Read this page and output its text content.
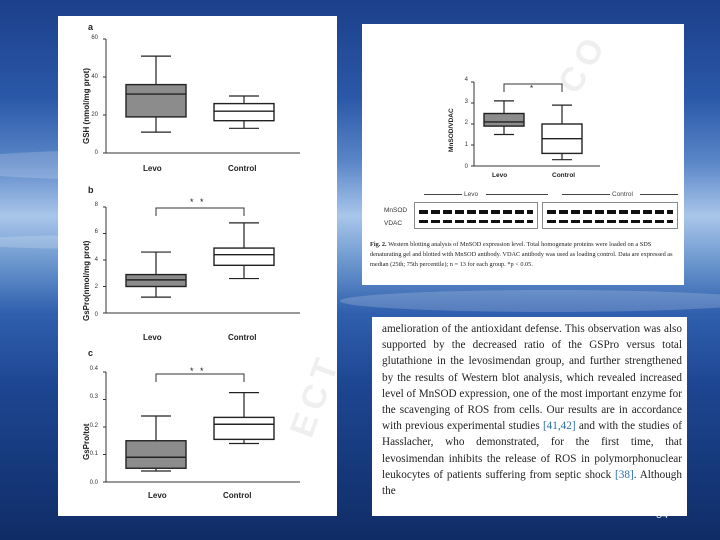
ECT
a
GSH (nmol/mg prot)
60
40
20
0
Levo	Control
b
GsPro(nmol/mg prot)
8
6
4
2
0
* *
Levo	Control
c
GsPro/tot
0.4
0.3
0.2
0.1
0.0
* *
Levo	Control
CO
MnSOD/VDAC
4
3
2
1
0
*
Levo	Control
Levo	Control
MnSOD
VDAC
Fig. 2. Western blotting analysis of MnSOD expression level. Total homogenate proteins were loaded on a SDS denaturating gel and blotted with MnSOD antibody. VDAC antibody was used as loading control. Data are expressed as median (25th; 75th percentile); n = 13 for each group. *p < 0.05.
amelioration of the antioxidant defense. This observation was also supported by the decreased ratio of the GSPro versus total glutathione in the levosimendan group, and further strengthened by the results of Western blot analysis, which revealed increased level of MnSOD expression, one of the most important enzyme for the scavenging of ROS from cells. Our results are in accordance with previous experimental studies [41,42] and with the studies of Hasslacher, who demonstrated, for the first time, that levosimendan inhibits the release of ROS in polymorphonuclear leukocytes of patients suffering from septic shock [38]. Although the
54
